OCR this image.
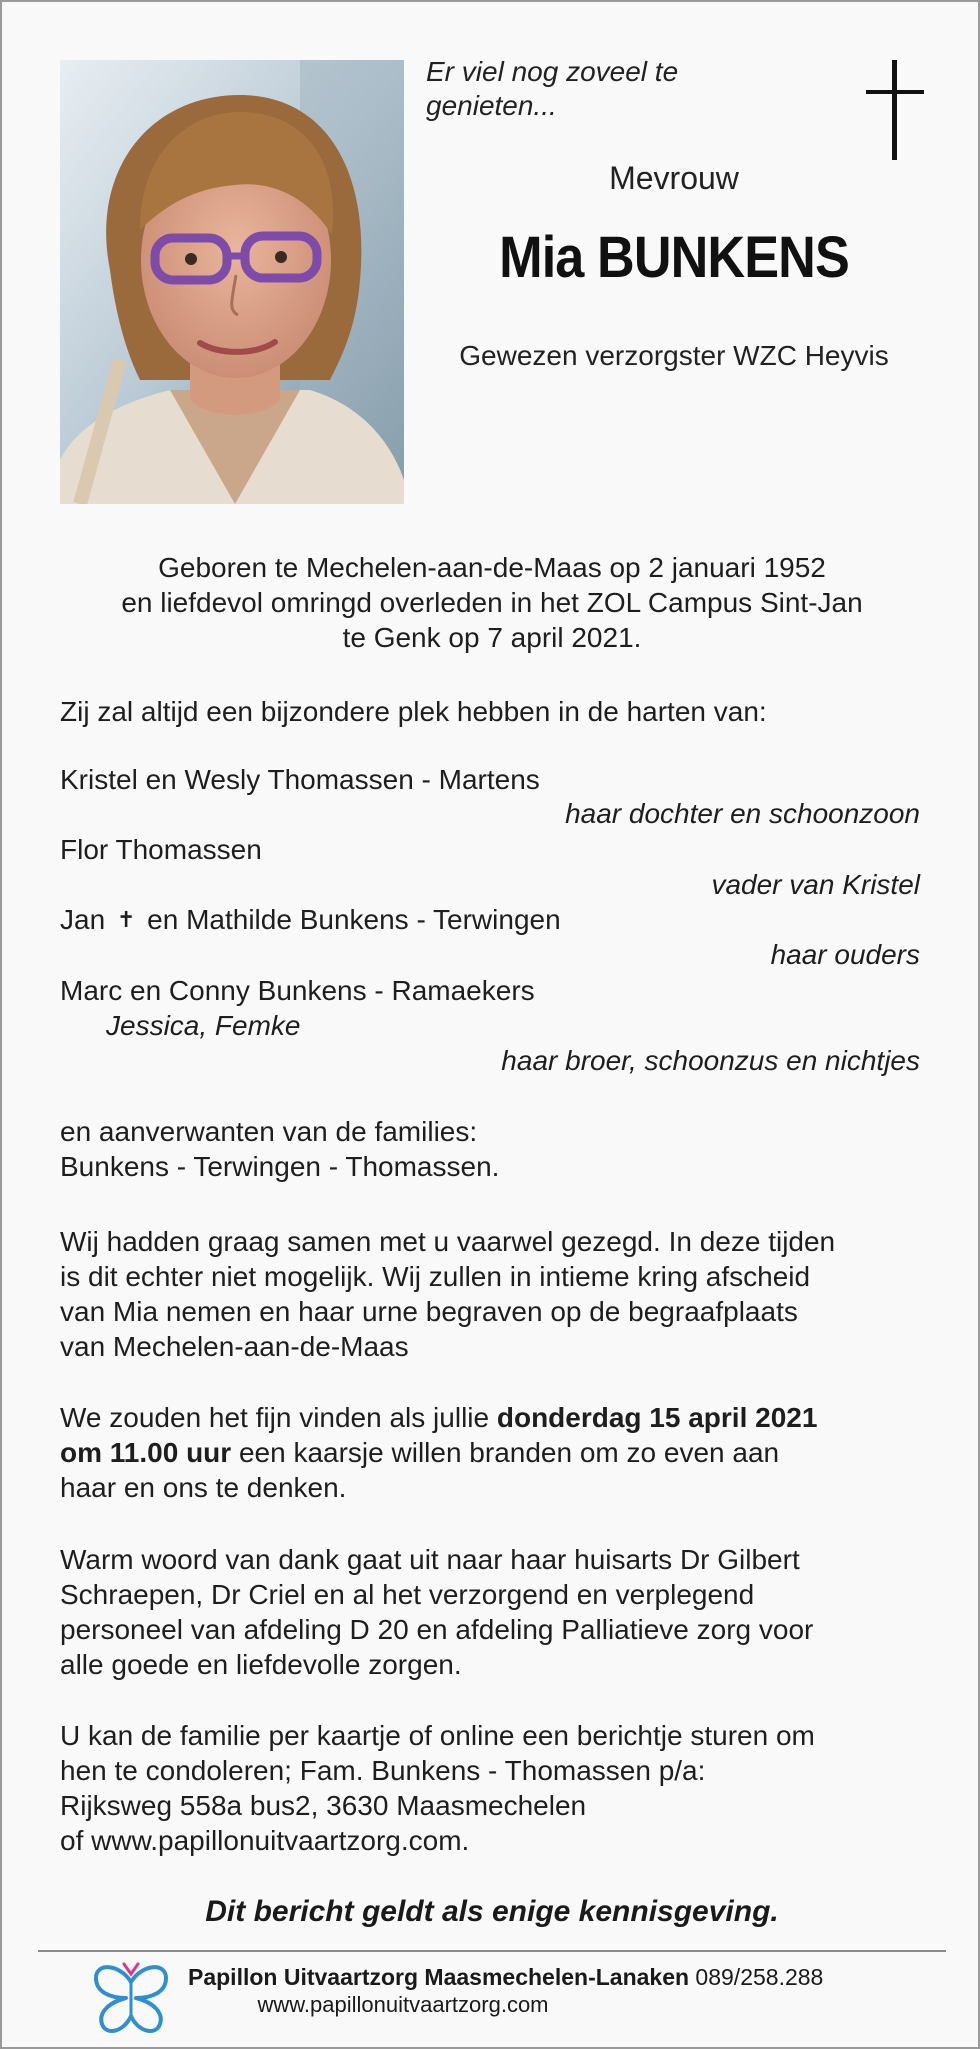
Er viel nog zoveel te
genieten...
Mevrouw
Mia BUNKENS
Gewezen verzorgster WZC Heyvis
Geboren te Mechelen-aan-de-Maas op 2 januari 1952
en liefdevol omringd overleden in het ZOL Campus Sint-Jan
te Genk op 7 april 2021.
Zij zal altijd een bijzondere plek hebben in de harten van:
Kristel en Wesly Thomassen - Martens
haar dochter en schoonzoon
Flor Thomassen
vader van Kristel
Jan ✝ en Mathilde Bunkens - Terwingen
haar ouders
Marc en Conny Bunkens - Ramaekers
Jessica, Femke
haar broer, schoonzus en nichtjes
en aanverwanten van de families:
Bunkens - Terwingen - Thomassen.
Wij hadden graag samen met u vaarwel gezegd. In deze tijden
is dit echter niet mogelijk. Wij zullen in intieme kring afscheid
van Mia nemen en haar urne begraven op de begraafplaats
van Mechelen-aan-de-Maas
We zouden het fijn vinden als jullie donderdag 15 april 2021
om 11.00 uur een kaarsje willen branden om zo even aan
haar en ons te denken.
Warm woord van dank gaat uit naar haar huisarts Dr Gilbert
Schraepen, Dr Criel en al het verzorgend en verplegend
personeel van afdeling D 20 en afdeling Palliatieve zorg voor
alle goede en liefdevolle zorgen.
U kan de familie per kaartje of online een berichtje sturen om
hen te condoleren; Fam. Bunkens - Thomassen p/a:
Rijksweg 558a bus2, 3630 Maasmechelen
of www.papillonuitvaartzorg.com.
Dit bericht geldt als enige kennisgeving.
Papillon Uitvaartzorg Maasmechelen-Lanaken 089/258.288
www.papillonuitvaartzorg.com
